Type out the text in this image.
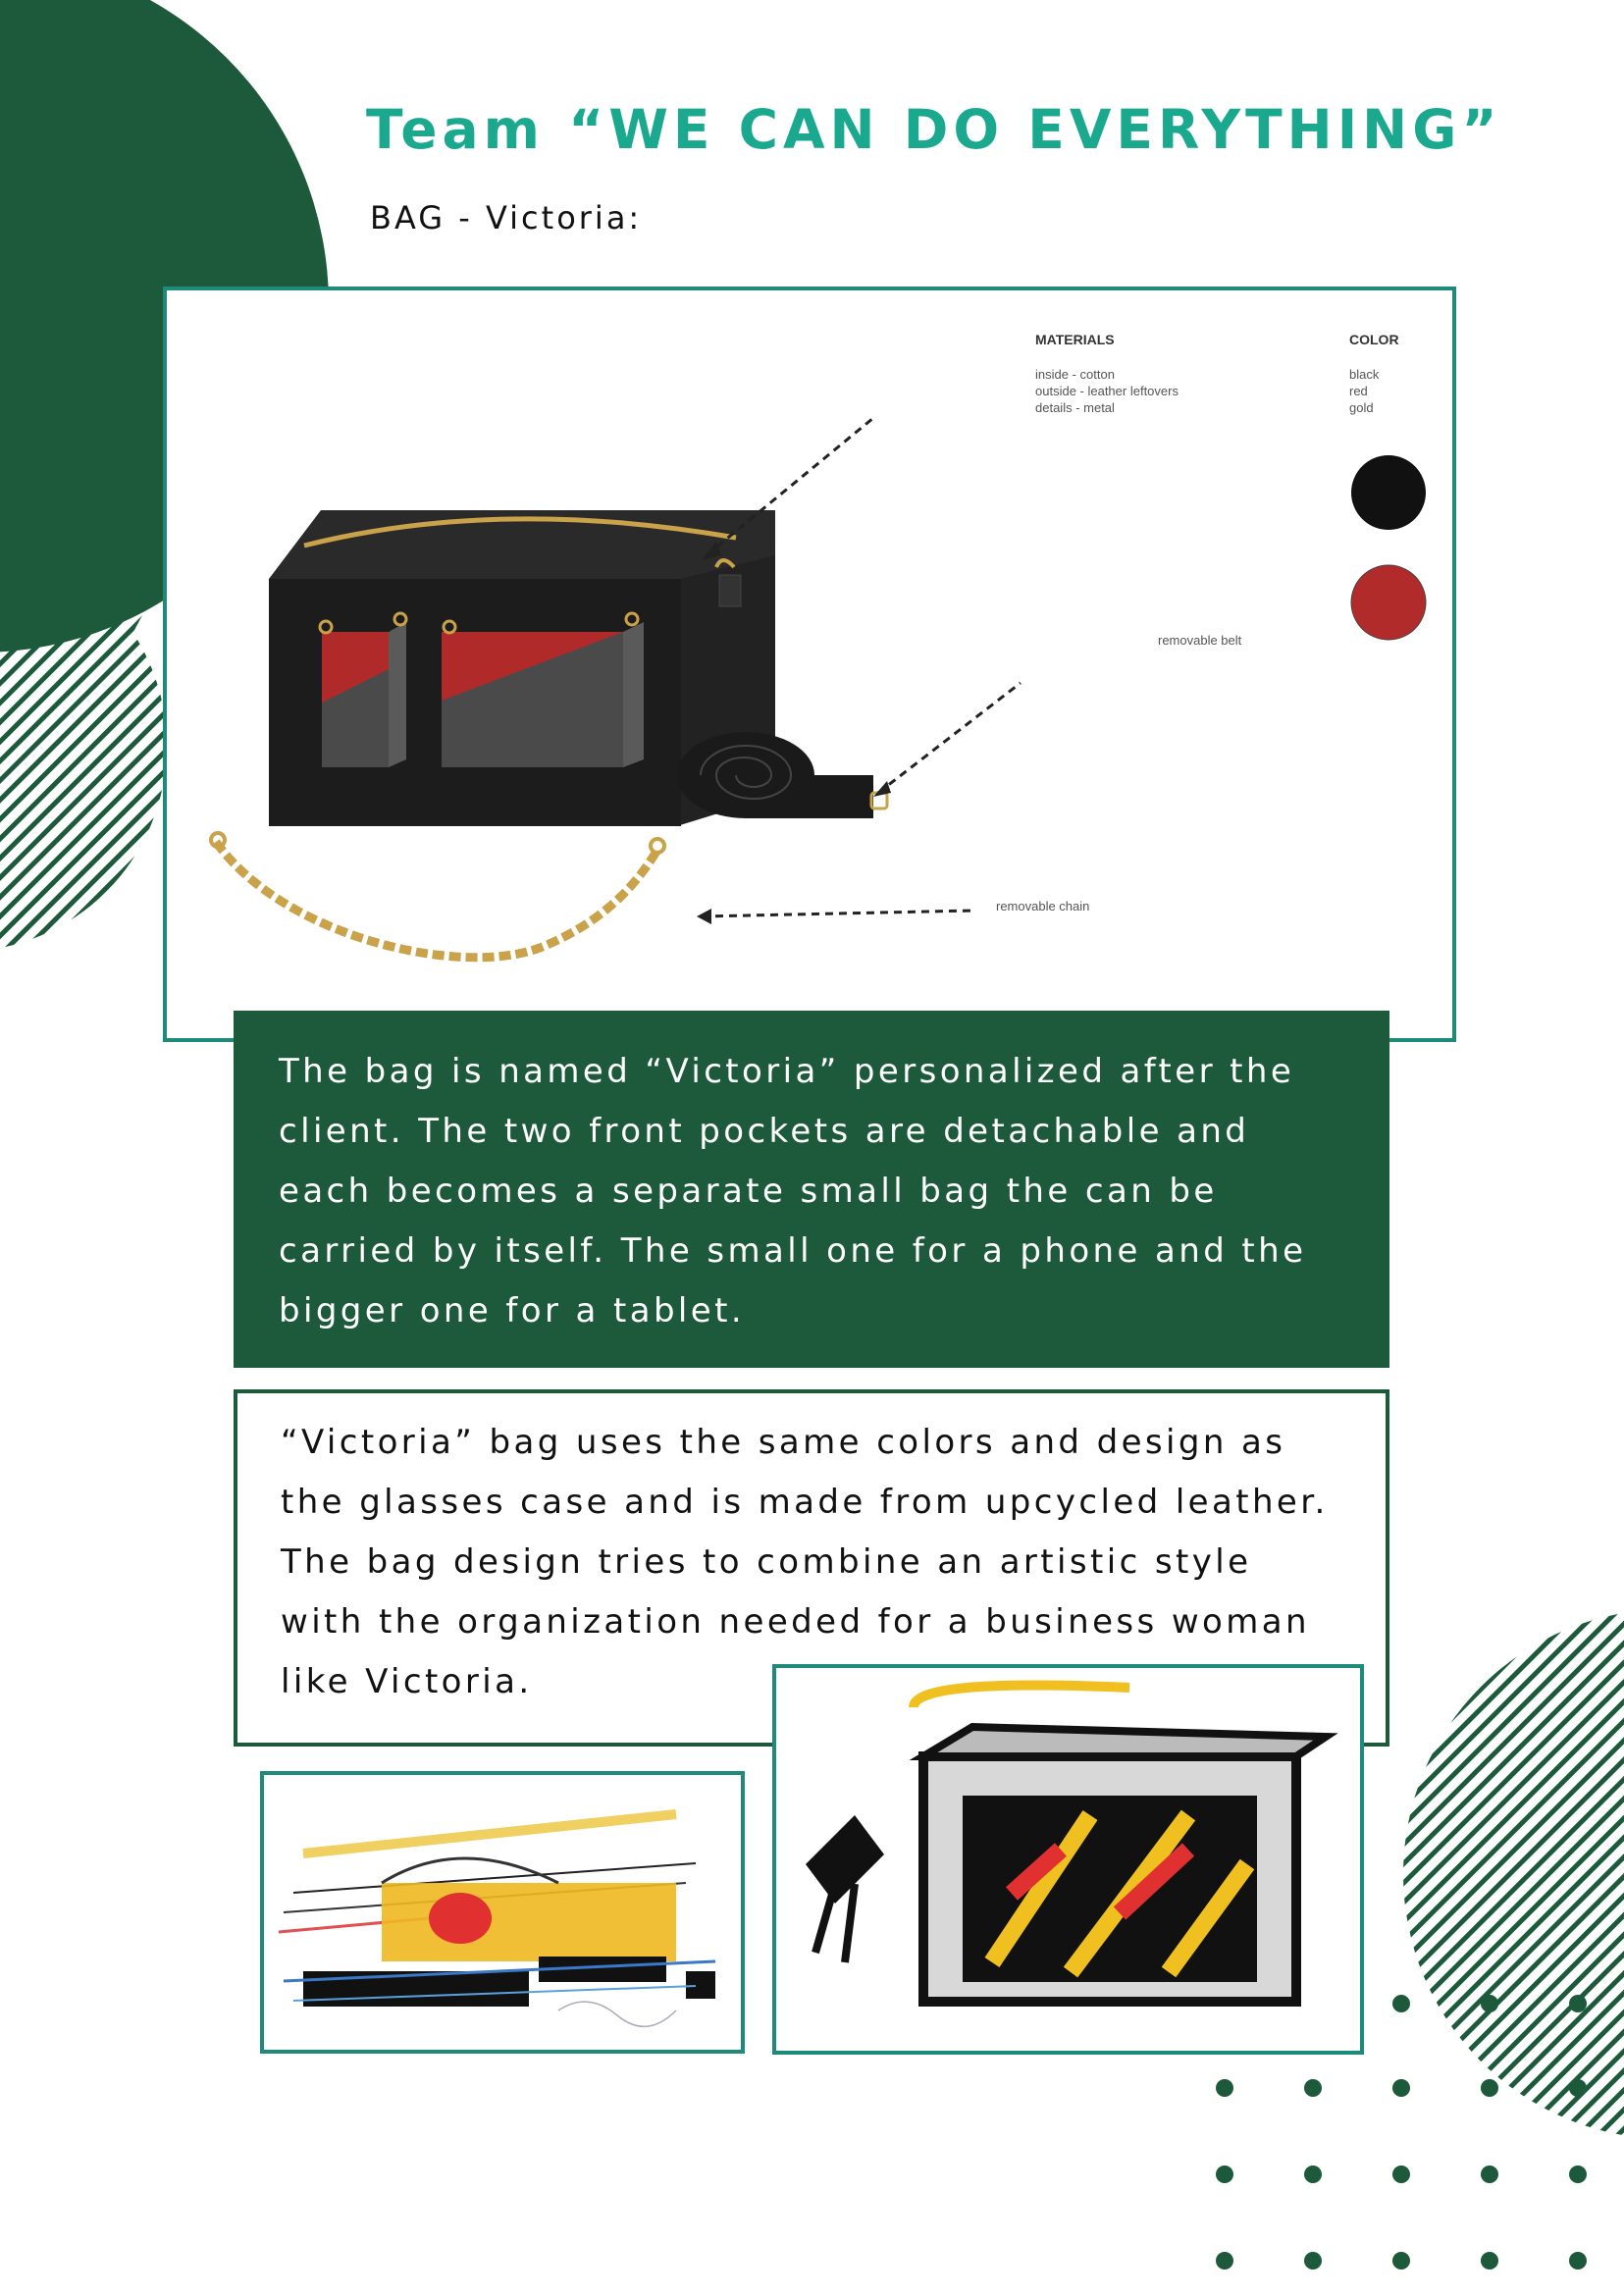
Team “WE CAN DO EVERYTHING”
BAG - Victoria:
MATERIALS
inside - cotton
outside - leather leftovers
details - metal
COLOR
black
red
gold
removable belt
removable chain

The bag is named “Victoria” personalized after the client. The two front pockets are detachable and each becomes a separate small bag the can be carried by itself. The small one for a phone and the bigger one for a tablet.

“Victoria” bag uses the same colors and design as the glasses case and is made from upcycled leather. The bag design tries to combine an artistic style with the organization needed for a business woman like Victoria.
